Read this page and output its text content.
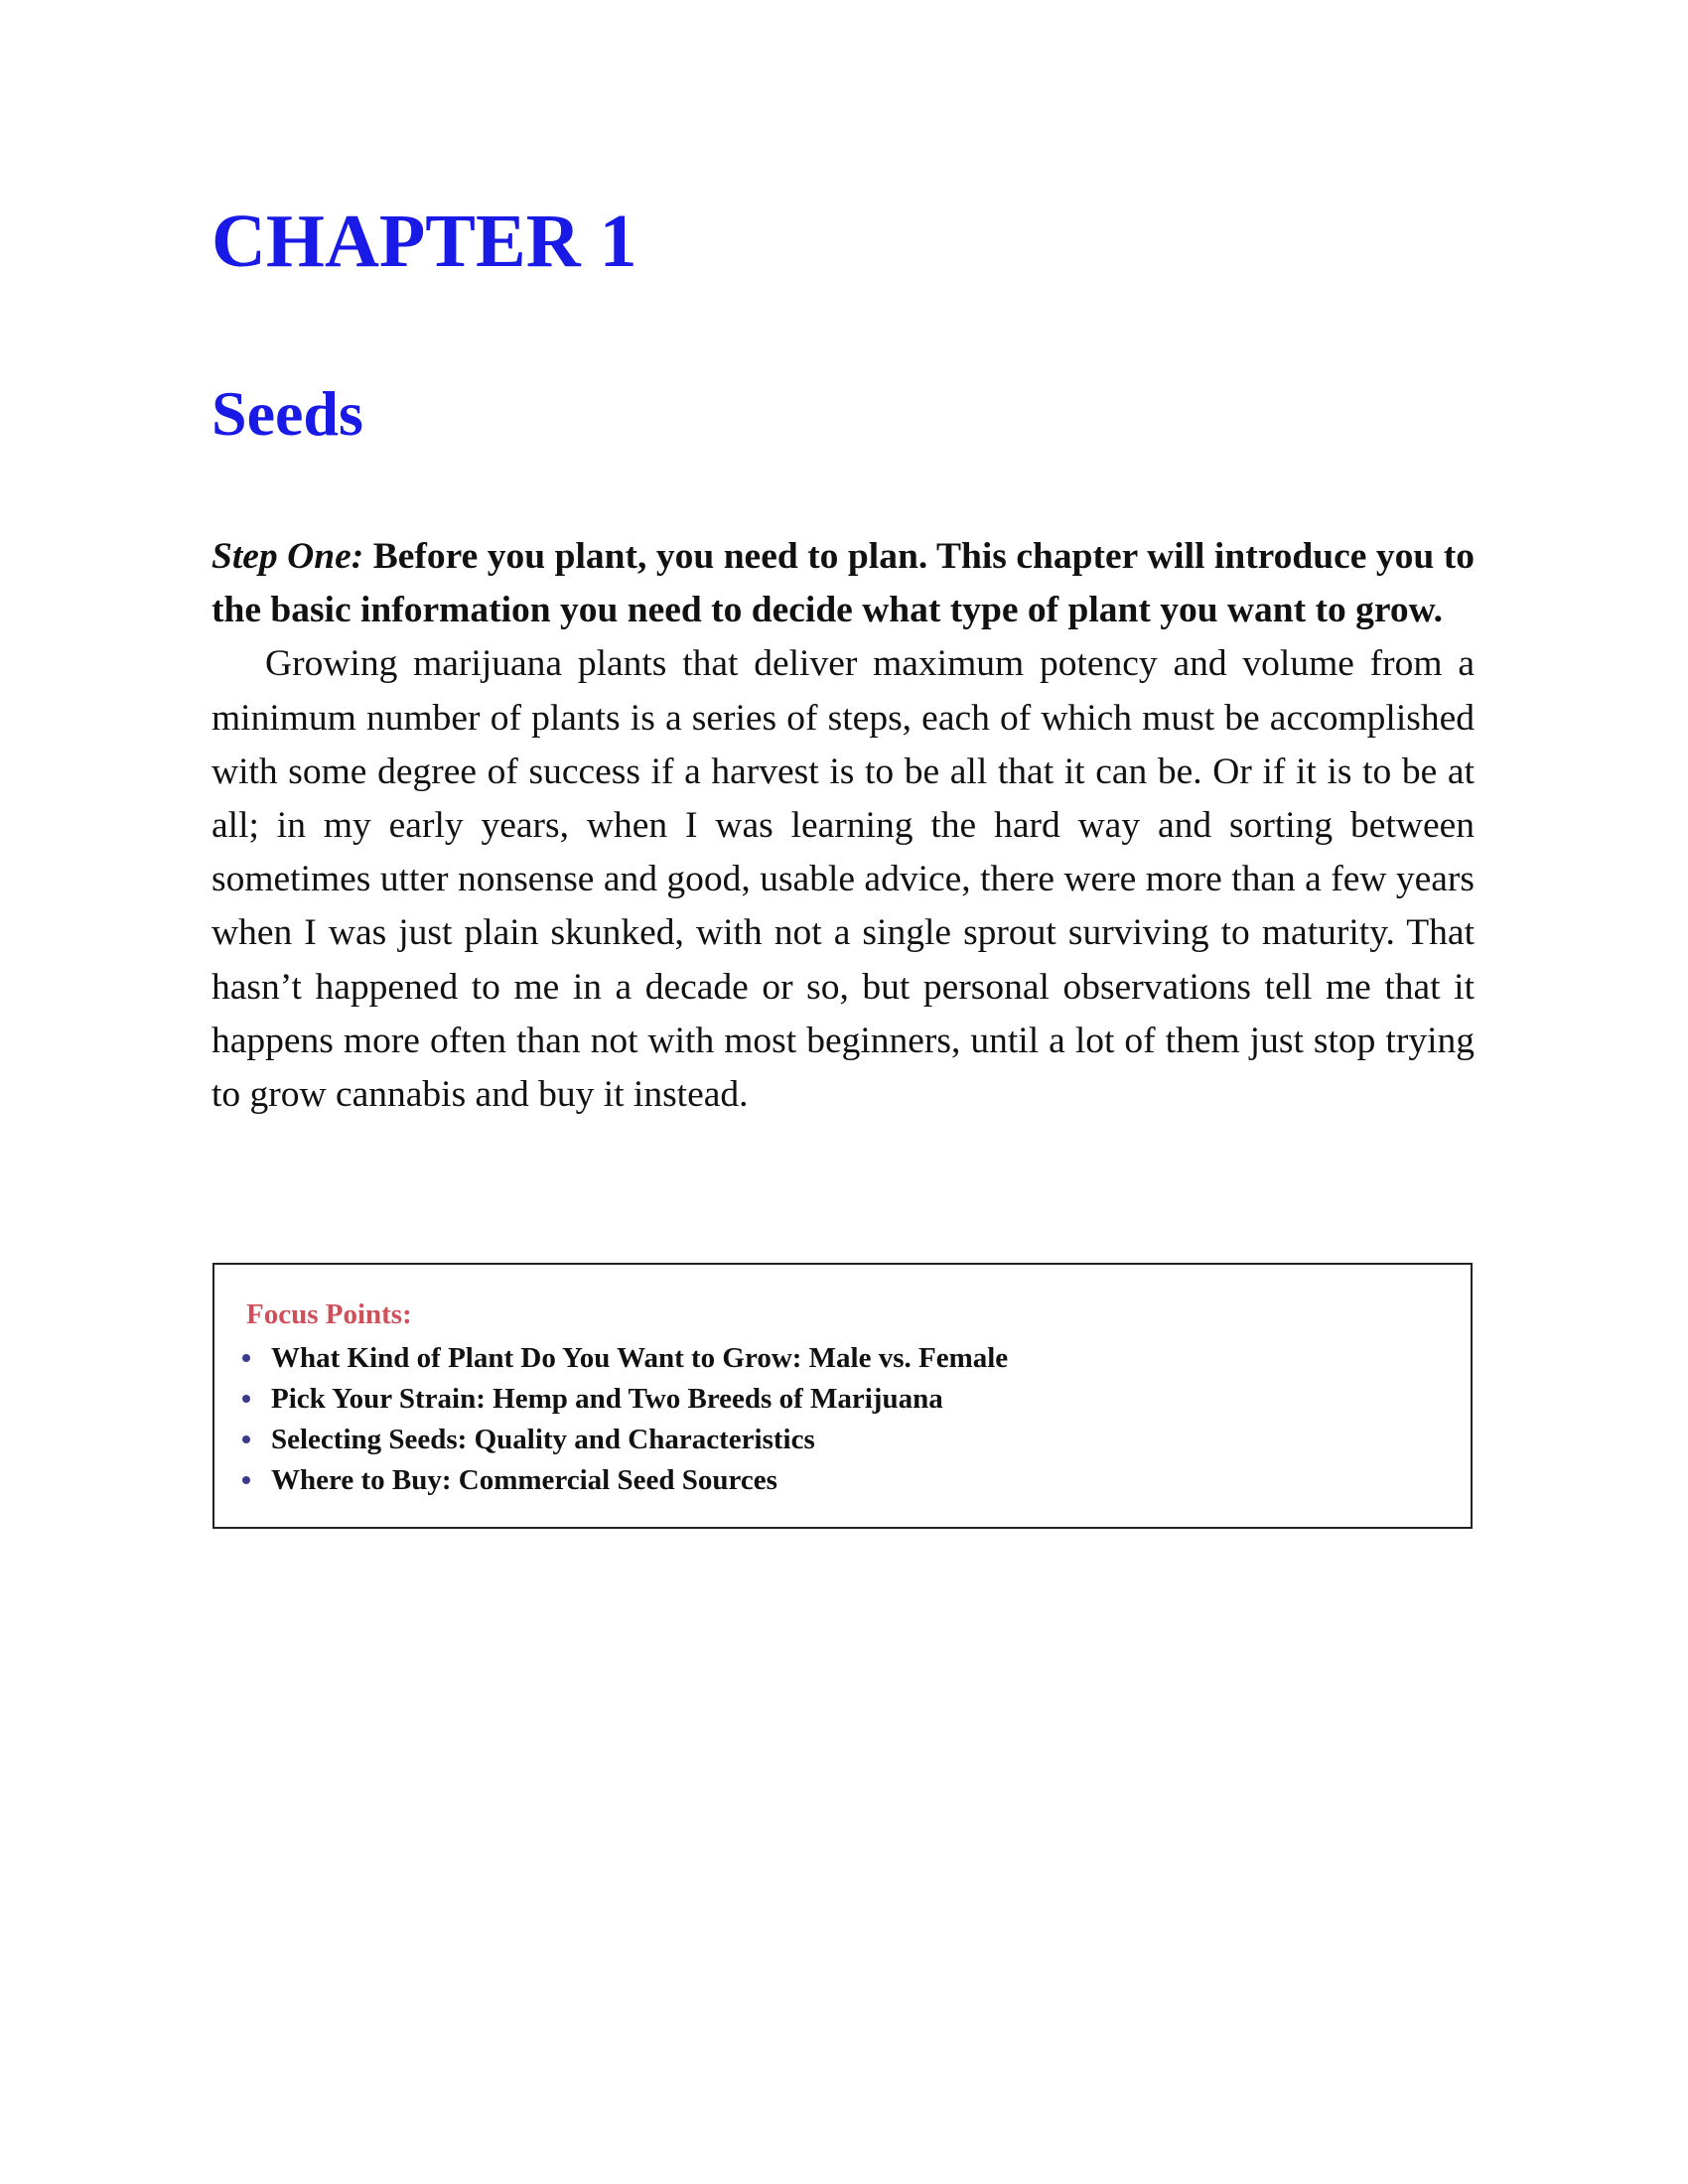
CHAPTER 1
Seeds

Step One: Before you plant, you need to plan. This chapter will introduce you to the basic information you need to decide what type of plant you want to grow.

Growing marijuana plants that deliver maximum potency and volume from a minimum number of plants is a series of steps, each of which must be accomplished with some degree of success if a harvest is to be all that it can be. Or if it is to be at all; in my early years, when I was learning the hard way and sorting between sometimes utter nonsense and good, usable advice, there were more than a few years when I was just plain skunked, with not a single sprout surviving to maturity. That hasn’t happened to me in a decade or so, but personal observations tell me that it happens more often than not with most beginners, until a lot of them just stop trying to grow cannabis and buy it instead.

Focus Points:
What Kind of Plant Do You Want to Grow: Male vs. Female
Pick Your Strain: Hemp and Two Breeds of Marijuana
Selecting Seeds: Quality and Characteristics
Where to Buy: Commercial Seed Sources
